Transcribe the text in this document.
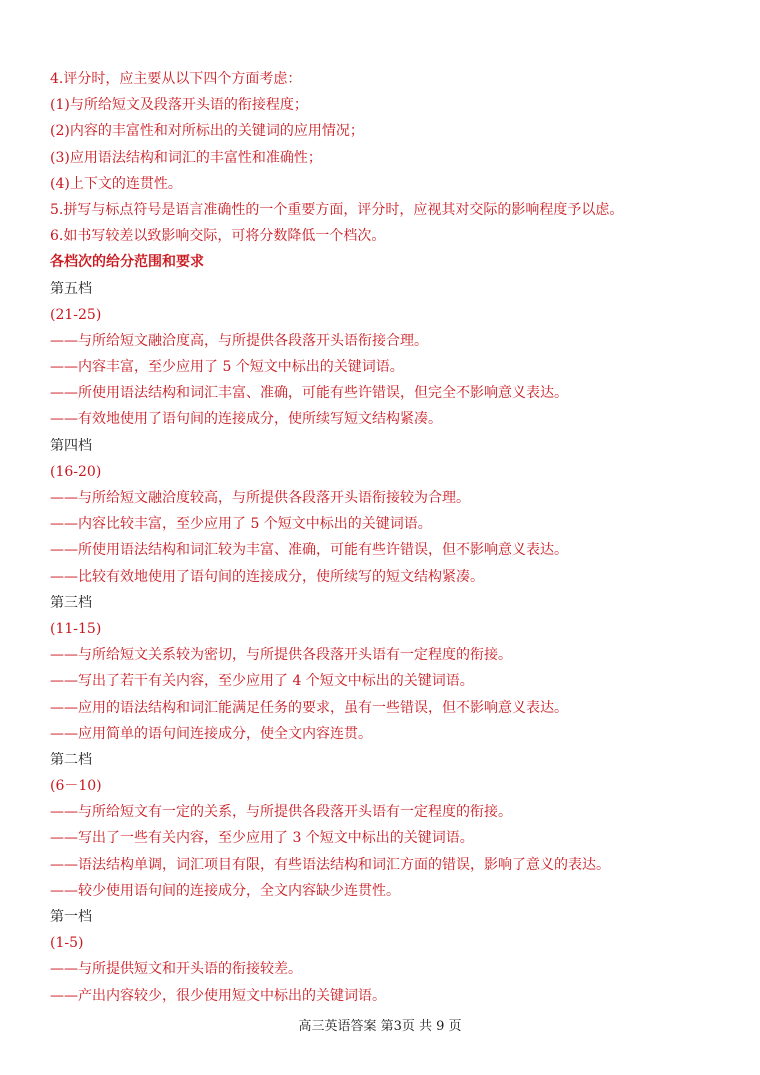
4.评分时，应主要从以下四个方面考虑：
(1)与所给短文及段落开头语的衔接程度；
(2)内容的丰富性和对所标出的关键词的应用情况；
(3)应用语法结构和词汇的丰富性和准确性；
(4)上下文的连贯性。
5.拼写与标点符号是语言准确性的一个重要方面，评分时，应视其对交际的影响程度予以虑。
6.如书写较差以致影响交际，可将分数降低一个档次。
各档次的给分范围和要求
第五档
(21-25)
——与所给短文融洽度高，与所提供各段落开头语衔接合理。
——内容丰富，至少应用了 5 个短文中标出的关键词语。
——所使用语法结构和词汇丰富、准确，可能有些许错误，但完全不影响意义表达。
——有效地使用了语句间的连接成分，使所续写短文结构紧凑。
第四档
(16-20)
——与所给短文融洽度较高，与所提供各段落开头语衔接较为合理。
——内容比较丰富，至少应用了 5 个短文中标出的关键词语。
——所使用语法结构和词汇较为丰富、准确，可能有些许错误，但不影响意义表达。
——比较有效地使用了语句间的连接成分，使所续写的短文结构紧凑。
第三档
(11-15)
——与所给短文关系较为密切，与所提供各段落开头语有一定程度的衔接。
——写出了若干有关内容，至少应用了 4 个短文中标出的关键词语。
——应用的语法结构和词汇能满足任务的要求，虽有一些错误，但不影响意义表达。
——应用简单的语句间连接成分，使全文内容连贯。
第二档
(6－10)
——与所给短文有一定的关系，与所提供各段落开头语有一定程度的衔接。
——写出了一些有关内容，至少应用了 3 个短文中标出的关键词语。
——语法结构单调，词汇项目有限，有些语法结构和词汇方面的错误，影响了意义的表达。
——较少使用语句间的连接成分，全文内容缺少连贯性。
第一档
(1-5)
——与所提供短文和开头语的衔接较差。
——产出内容较少，很少使用短文中标出的关键词语。
高三英语答案 第3页 共 9 页
